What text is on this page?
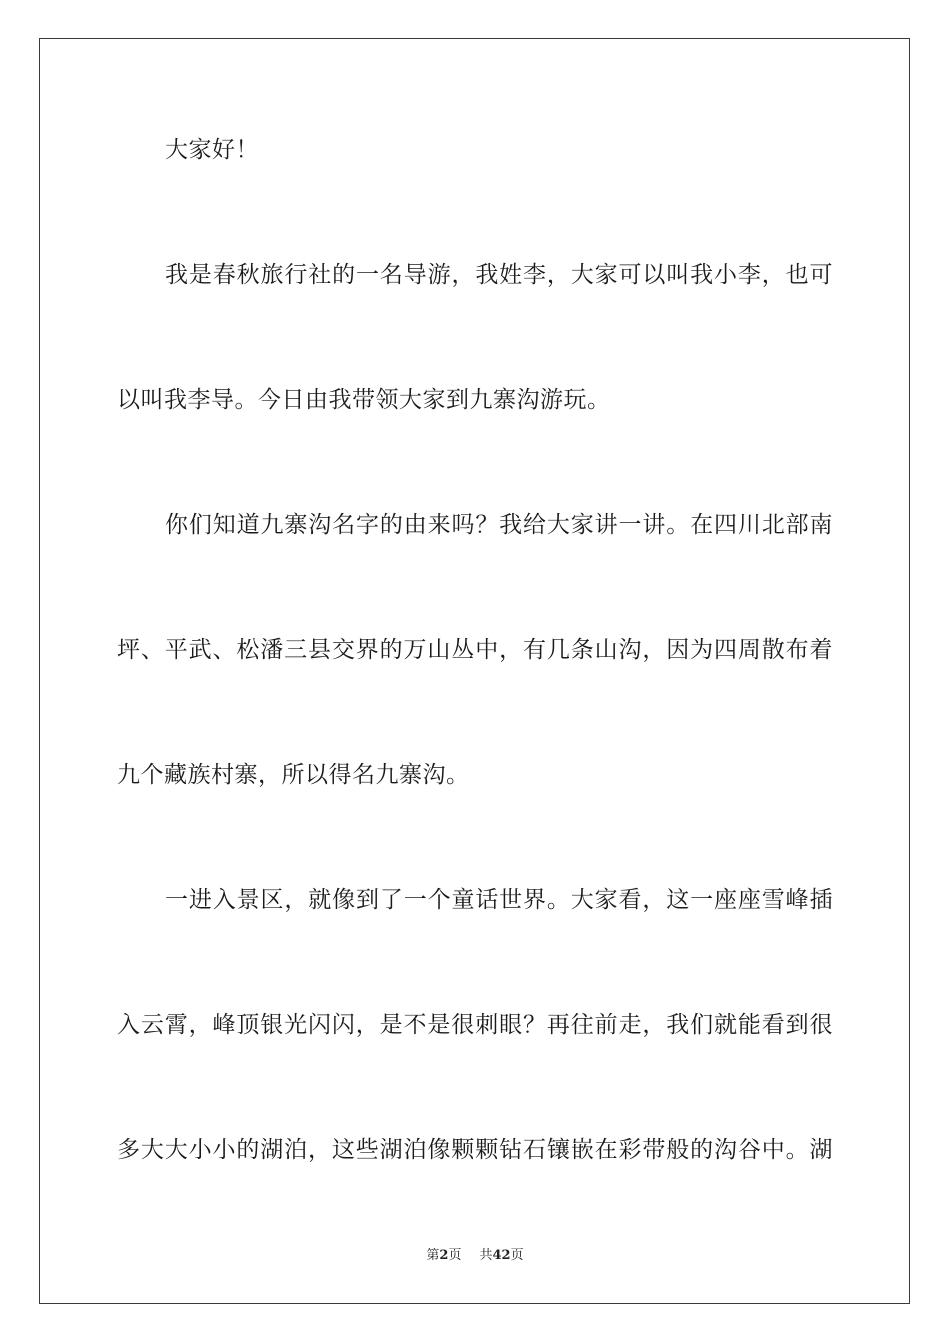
大家好！
我是春秋旅行社的一名导游，我姓李，大家可以叫我小李，也可
以叫我李导。今日由我带领大家到九寨沟游玩。
你们知道九寨沟名字的由来吗？我给大家讲一讲。在四川北部南
坪、平武、松潘三县交界的万山丛中，有几条山沟，因为四周散布着
九个藏族村寨，所以得名九寨沟。
一进入景区，就像到了一个童话世界。大家看，这一座座雪峰插
入云霄，峰顶银光闪闪，是不是很刺眼？再往前走，我们就能看到很
多大大小小的湖泊，这些湖泊像颗颗钻石镶嵌在彩带般的沟谷中。湖
第2页 共42页
